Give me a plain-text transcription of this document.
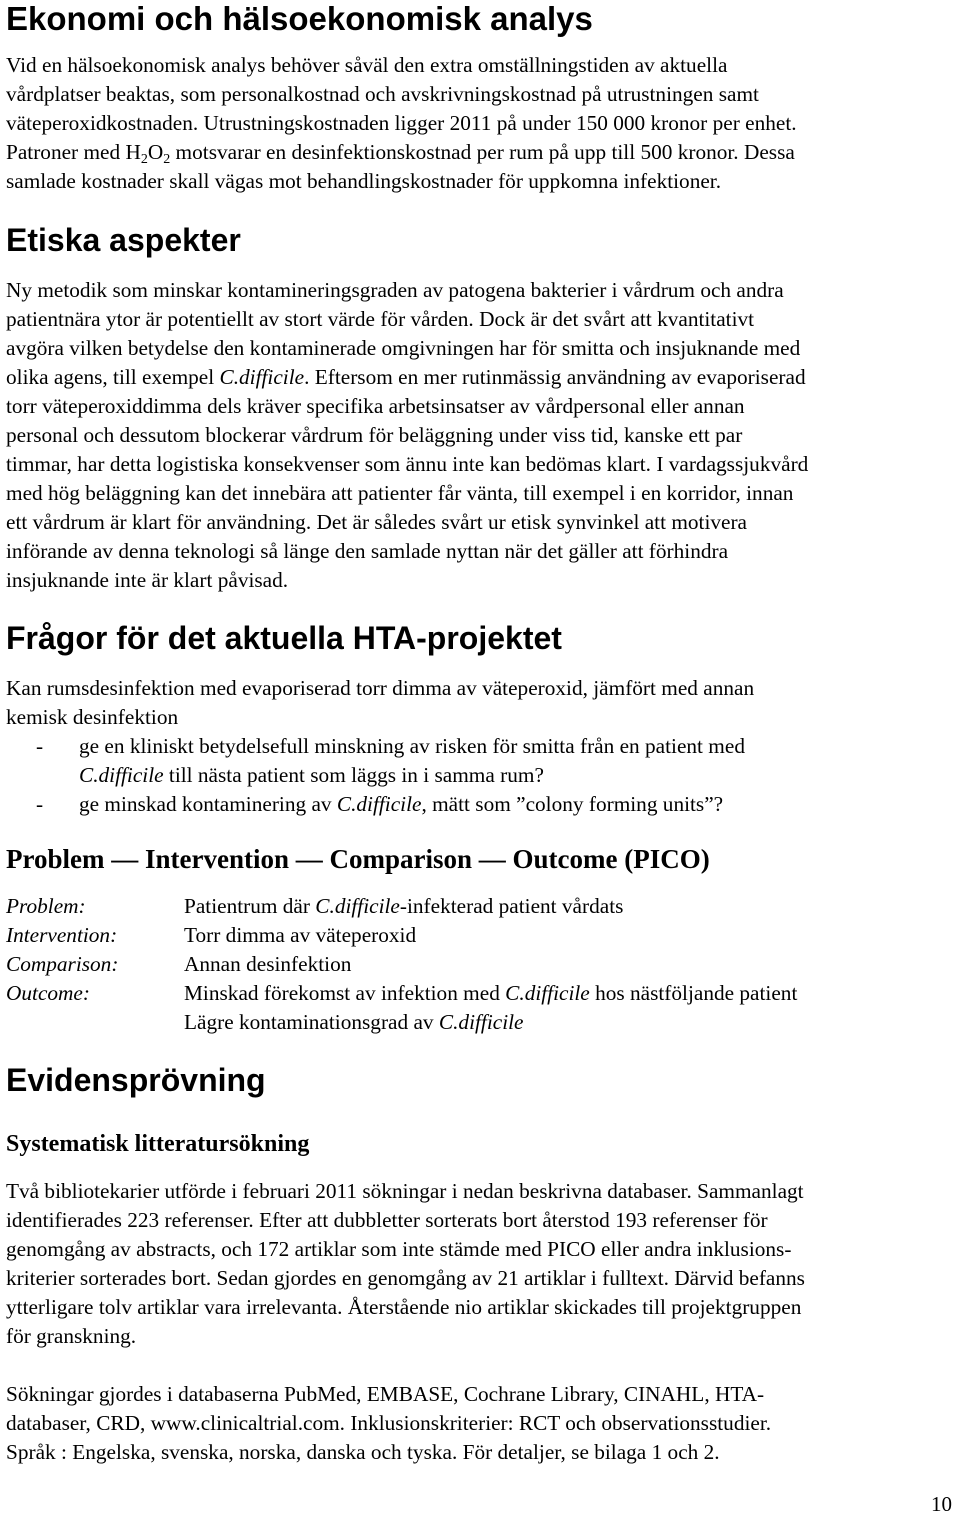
Ekonomi och hälsoekonomisk analys
Vid en hälsoekonomisk analys behöver såväl den extra omställningstiden av aktuella
vårdplatser beaktas, som personalkostnad och avskrivningskostnad på utrustningen samt
väteperoxidkostnaden. Utrustningskostnaden ligger 2011 på under 150 000 kronor per enhet.
Patroner med $H_2O_2$ motsvarar en desinfektionskostnad per rum på upp till 500 kronor. Dessa
samlade kostnader skall vägas mot behandlingskostnader för uppkomna infektioner.
Etiska aspekter
Ny metodik som minskar kontamineringsgraden av patogena bakterier i vårdrum och andra
patientnära ytor är potentiellt av stort värde för vården. Dock är det svårt att kvantitativt
avgöra vilken betydelse den kontaminerade omgivningen har för smitta och insjuknande med
olika agens, till exempel C.difficile. Eftersom en mer rutinmässig användning av evaporiserad
torr väteperoxiddimma dels kräver specifika arbetsinsatser av vårdpersonal eller annan
personal och dessutom blockerar vårdrum för beläggning under viss tid, kanske ett par
timmar, har detta logistiska konsekvenser som ännu inte kan bedömas klart. I vardagssjukvård
med hög beläggning kan det innebära att patienter får vänta, till exempel i en korridor, innan
ett vårdrum är klart för användning. Det är således svårt ur etisk synvinkel att motivera
införande av denna teknologi så länge den samlade nyttan när det gäller att förhindra
insjuknande inte är klart påvisad.
Frågor för det aktuella HTA-projektet
Kan rumsdesinfektion med evaporiserad torr dimma av väteperoxid, jämfört med annan
kemisk desinfektion
- ge en kliniskt betydelsefull minskning av risken för smitta från en patient med
C.difficile till nästa patient som läggs in i samma rum?
- ge minskad kontaminering av C.difficile, mätt som ”colony forming units”?
Problem — Intervention — Comparison — Outcome (PICO)
Problem:	Patientrum där C.difficile-infekterad patient vårdats
Intervention:	Torr dimma av väteperoxid
Comparison:	Annan desinfektion
Outcome:	Minskad förekomst av infektion med C.difficile hos nästföljande patient
Lägre kontaminationsgrad av C.difficile
Evidensprövning
Systematisk litteratursökning
Två bibliotekarier utförde i februari 2011 sökningar i nedan beskrivna databaser. Sammanlagt
identifierades 223 referenser. Efter att dubbletter sorterats bort återstod 193 referenser för
genomgång av abstracts, och 172 artiklar som inte stämde med PICO eller andra inklusions-
kriterier sorterades bort. Sedan gjordes en genomgång av 21 artiklar i fulltext. Därvid befanns
ytterligare tolv artiklar vara irrelevanta. Återstående nio artiklar skickades till projektgruppen
för granskning.
Sökningar gjordes i databaserna PubMed, EMBASE, Cochrane Library, CINAHL, HTA-
databaser, CRD, www.clinicaltrial.com. Inklusionskriterier: RCT och observationsstudier.
Språk : Engelska, svenska, norska, danska och tyska. För detaljer, se bilaga 1 och 2.
10
